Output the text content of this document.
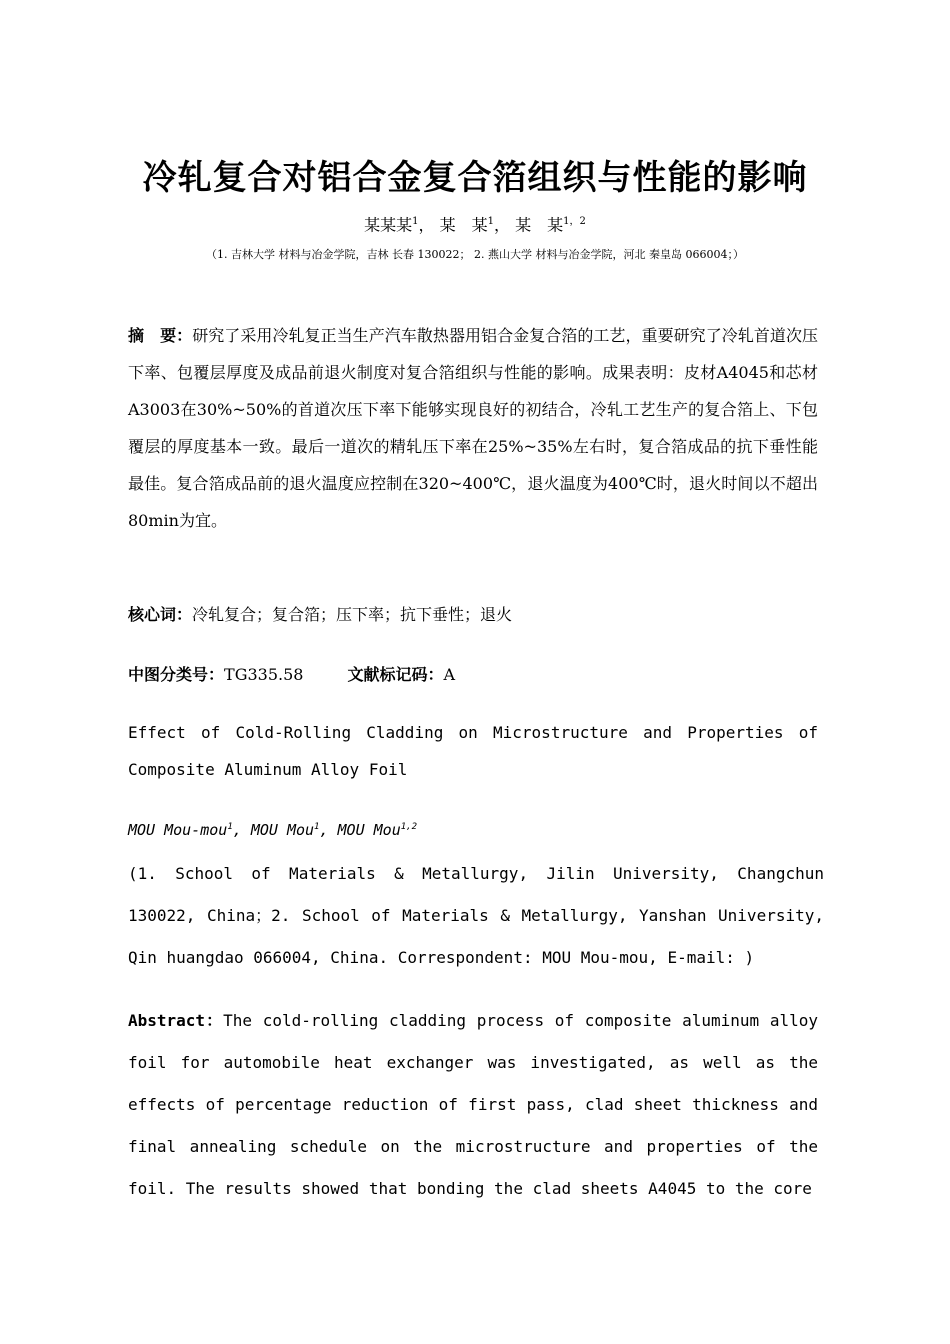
冷轧复合对铝合金复合箔组织与性能的影响
某某某$^1$， 某　某$^1$， 某　某$^{1,2}$
（1. 吉林大学 材料与冶金学院，吉林 长春 130022； 2. 燕山大学 材料与冶金学院，河北 秦皇岛 066004；）
摘　要：研究了采用冷轧复正当生产汽车散热器用铝合金复合箔的工艺，重要研究了冷轧首道次压下率、包覆层厚度及成品前退火制度对复合箔组织与性能的影响。成果表明：皮材A4045和芯材A3003在30%~50%的首道次压下率下能够实现良好的初结合，冷轧工艺生产的复合箔上、下包覆层的厚度基本一致。最后一道次的精轧压下率在25%~35%左右时，复合箔成品的抗下垂性能最佳。复合箔成品前的退火温度应控制在320~400℃，退火温度为400℃时，退火时间以不超出80min为宜。
核心词：冷轧复合；复合箔；压下率；抗下垂性；退火
中图分类号：TG335.58	文献标记码：A
Effect of Cold-Rolling Cladding on Microstructure and Properties of Composite Aluminum Alloy Foil
MOU Mou-mou$^1$, MOU Mou$^1$, MOU Mou$^{1,2}$
(1. School of Materials & Metallurgy, Jilin University, Changchun 130022, China；2. School of Materials & Metallurgy, Yanshan University, Qin huangdao 066004, China. Correspondent: MOU Mou-mou, E-mail: )
Abstract：The cold-rolling cladding process of composite aluminum alloy foil for automobile heat exchanger was investigated, as well as the effects of percentage reduction of first pass, clad sheet thickness and final annealing schedule on the microstructure and properties of the foil. The results showed that bonding the clad sheets A4045 to the core
